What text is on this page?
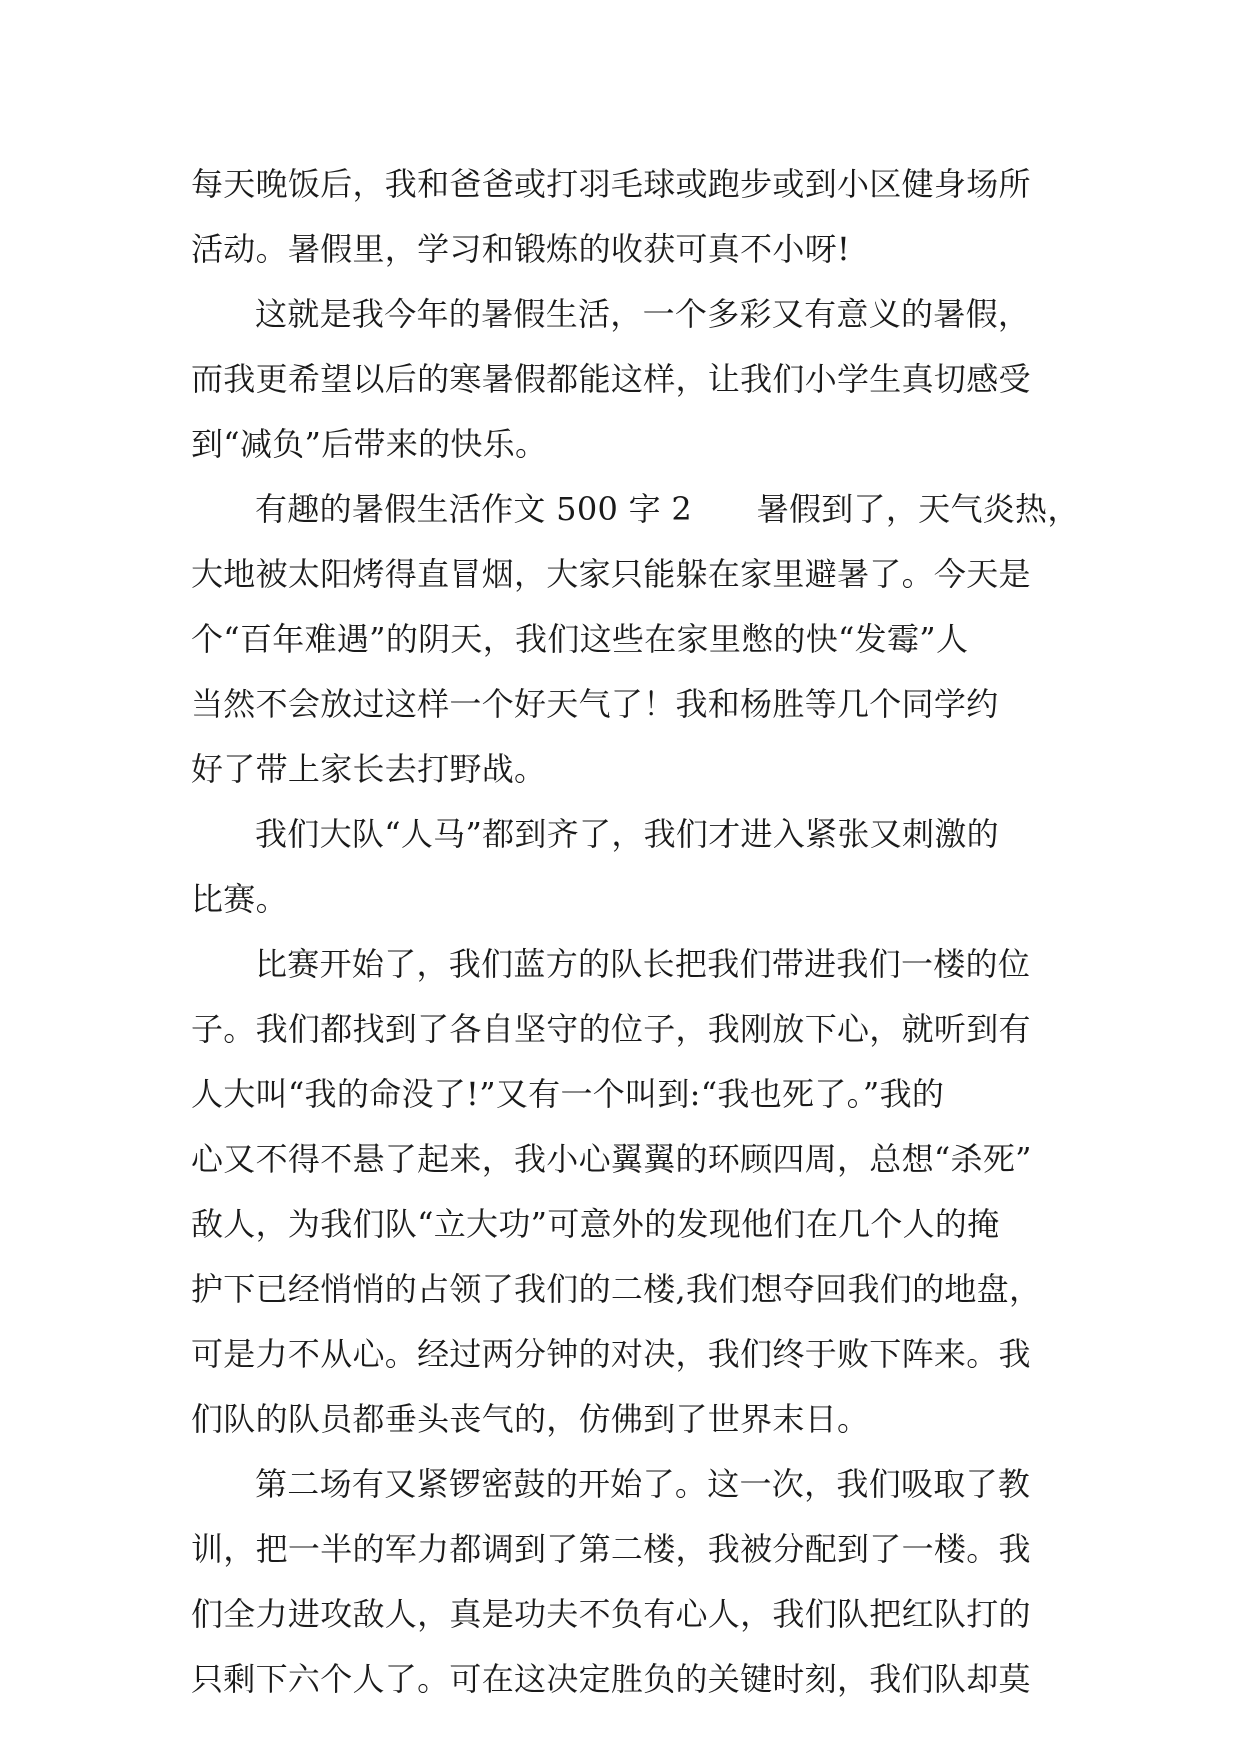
每天晚饭后，我和爸爸或打羽毛球或跑步或到小区健身场所
活动。暑假里，学习和锻炼的收获可真不小呀!
这就是我今年的暑假生活，一个多彩又有意义的暑假，
而我更希望以后的寒暑假都能这样，让我们小学生真切感受
到“减负”后带来的快乐。
有趣的暑假生活作文 500 字 2　　暑假到了，天气炎热，
大地被太阳烤得直冒烟，大家只能躲在家里避暑了。今天是
个“百年难遇”的阴天，我们这些在家里憋的快“发霉”人
当然不会放过这样一个好天气了！我和杨胜等几个同学约
好了带上家长去打野战。
我们大队“人马”都到齐了，我们才进入紧张又刺激的
比赛。
比赛开始了，我们蓝方的队长把我们带进我们一楼的位
子。我们都找到了各自坚守的位子，我刚放下心，就听到有
人大叫“我的命没了!”又有一个叫到:“我也死了。”我的
心又不得不悬了起来，我小心翼翼的环顾四周，总想“杀死”
敌人，为我们队“立大功”可意外的发现他们在几个人的掩
护下已经悄悄的占领了我们的二楼,我们想夺回我们的地盘，
可是力不从心。经过两分钟的对决，我们终于败下阵来。我
们队的队员都垂头丧气的，仿佛到了世界末日。
第二场有又紧锣密鼓的开始了。这一次，我们吸取了教
训，把一半的军力都调到了第二楼，我被分配到了一楼。我
们全力进攻敌人，真是功夫不负有心人，我们队把红队打的
只剩下六个人了。可在这决定胜负的关键时刻，我们队却莫
